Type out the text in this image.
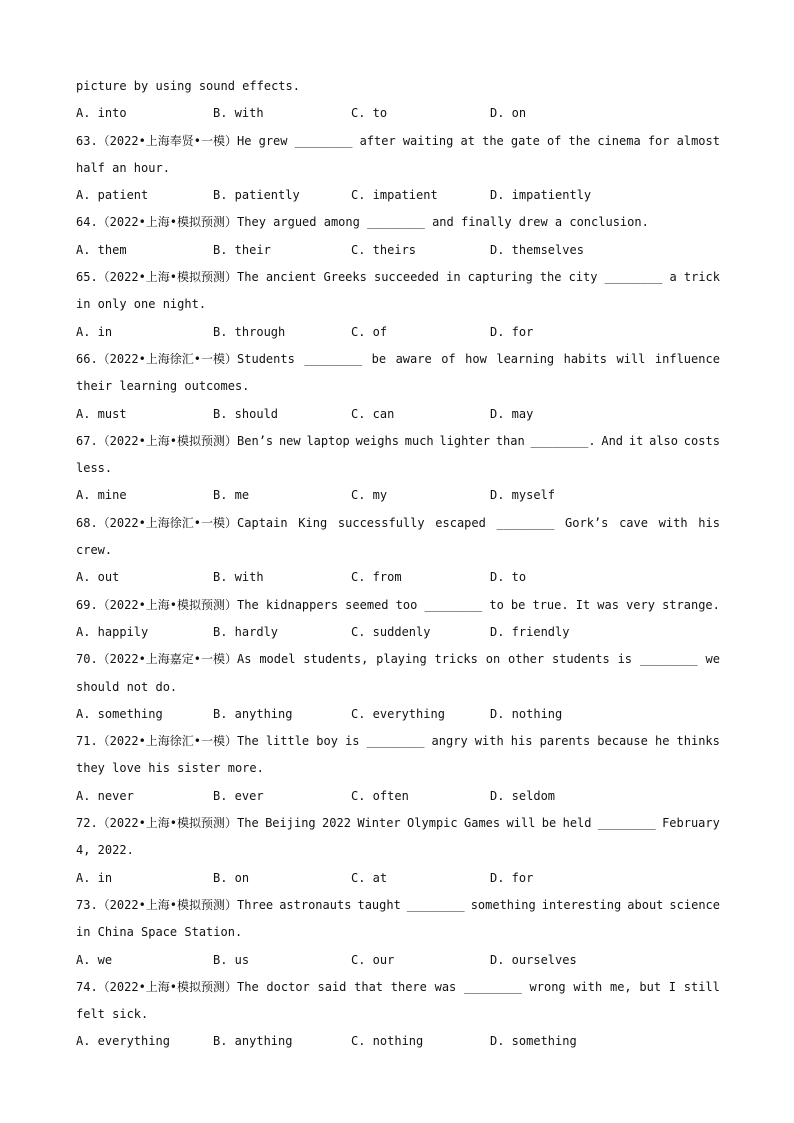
picture by using sound effects.
A. into	B. with	C. to	D. on
63.（2022•上海奉贤•一模）He grew ________ after waiting at the gate of the cinema for almost
half an hour.
A. patient	B. patiently	C. impatient	D. impatiently
64.（2022•上海•模拟预测）They argued among ________ and finally drew a conclusion.
A. them	B. their	C. theirs	D. themselves
65.（2022•上海•模拟预测）The ancient Greeks succeeded in capturing the city ________ a trick
in only one night.
A. in	B. through	C. of	D. for
66.（2022•上海徐汇•一模）Students ________ be aware of how learning habits will influence
their learning outcomes.
A. must	B. should	C. can	D. may
67.（2022•上海•模拟预测）Ben’s new laptop weighs much lighter than ________. And it also costs
less.
A. mine	B. me	C. my	D. myself
68.（2022•上海徐汇•一模）Captain King successfully escaped ________ Gork’s cave with his
crew.
A. out	B. with	C. from	D. to
69.（2022•上海•模拟预测）The kidnappers seemed too ________ to be true. It was very strange.
A. happily	B. hardly	C. suddenly	D. friendly
70.（2022•上海嘉定•一模）As model students, playing tricks on other students is ________ we
should not do.
A. something	B. anything	C. everything	D. nothing
71.（2022•上海徐汇•一模）The little boy is ________ angry with his parents because he thinks
they love his sister more.
A. never	B. ever	C. often	D. seldom
72.（2022•上海•模拟预测）The Beijing 2022 Winter Olympic Games will be held ________ February
4, 2022.
A. in	B. on	C. at	D. for
73.（2022•上海•模拟预测）Three astronauts taught ________ something interesting about science
in China Space Station.
A. we	B. us	C. our	D. ourselves
74.（2022•上海•模拟预测）The doctor said that there was ________ wrong with me, but I still
felt sick.
A. everything	B. anything	C. nothing	D. something
